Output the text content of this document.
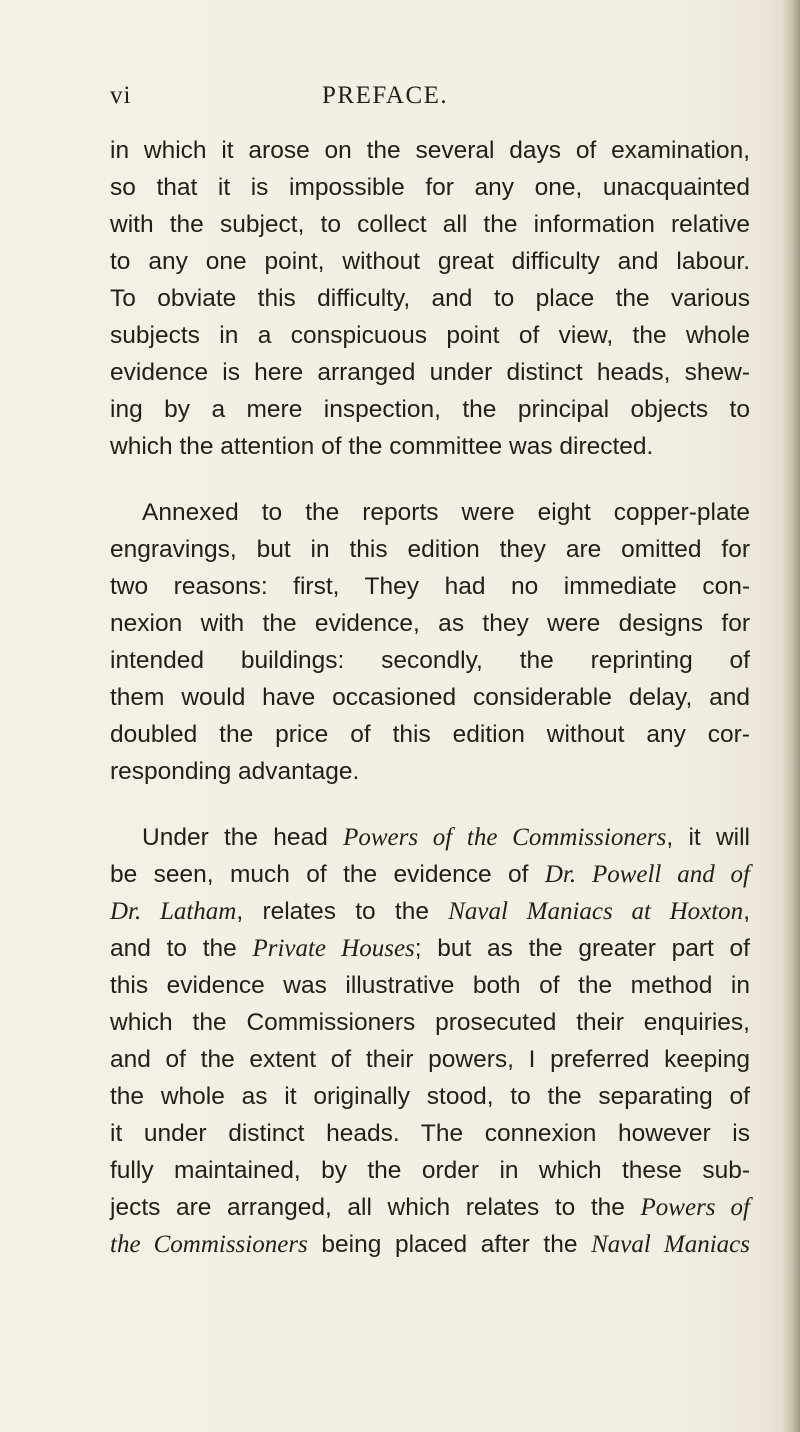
vi	PREFACE.
in which it arose on the several days of examination,
so that it is impossible for any one, unacquainted
with the subject, to collect all the information relative
to any one point, without great difficulty and labour.
To obviate this difficulty, and to place the various
subjects in a conspicuous point of view, the whole
evidence is here arranged under distinct heads, shew-
ing by a mere inspection, the principal objects to
which the attention of the committee was directed.
Annexed to the reports were eight copper-plate
engravings, but in this edition they are omitted for
two reasons: first, They had no immediate con-
nexion with the evidence, as they were designs for
intended buildings: secondly, the reprinting of
them would have occasioned considerable delay, and
doubled the price of this edition without any cor-
responding advantage.
Under the head Powers of the Commissioners, it will
be seen, much of the evidence of Dr. Powell and of
Dr. Latham, relates to the Naval Maniacs at Hoxton,
and to the Private Houses; but as the greater part of
this evidence was illustrative both of the method in
which the Commissioners prosecuted their enquiries,
and of the extent of their powers, I preferred keeping
the whole as it originally stood, to the separating of
it under distinct heads. The connexion however is
fully maintained, by the order in which these sub-
jects are arranged, all which relates to the Powers of
the Commissioners being placed after the Naval Maniacs
